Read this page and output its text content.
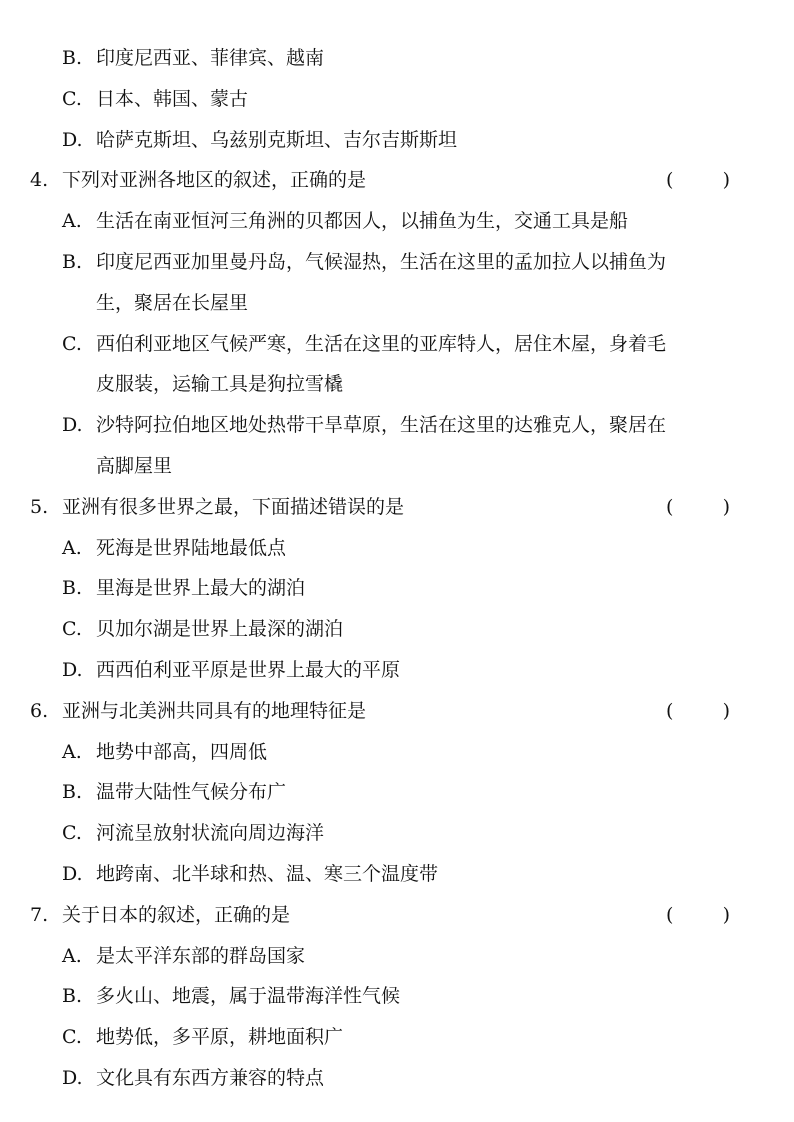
B. 印度尼西亚、菲律宾、越南
C. 日本、韩国、蒙古
D. 哈萨克斯坦、乌兹别克斯坦、吉尔吉斯斯坦
4. 下列对亚洲各地区的叙述，正确的是	(	)
A. 生活在南亚恒河三角洲的贝都因人，以捕鱼为生，交通工具是船
B. 印度尼西亚加里曼丹岛，气候湿热，生活在这里的孟加拉人以捕鱼为
生，聚居在长屋里
C. 西伯利亚地区气候严寒，生活在这里的亚库特人，居住木屋，身着毛
皮服装，运输工具是狗拉雪橇
D. 沙特阿拉伯地区地处热带干旱草原，生活在这里的达雅克人，聚居在
高脚屋里
5. 亚洲有很多世界之最，下面描述错误的是	(	)
A. 死海是世界陆地最低点
B. 里海是世界上最大的湖泊
C. 贝加尔湖是世界上最深的湖泊
D. 西西伯利亚平原是世界上最大的平原
6. 亚洲与北美洲共同具有的地理特征是	(	)
A. 地势中部高，四周低
B. 温带大陆性气候分布广
C. 河流呈放射状流向周边海洋
D. 地跨南、北半球和热、温、寒三个温度带
7. 关于日本的叙述，正确的是	(	)
A. 是太平洋东部的群岛国家
B. 多火山、地震，属于温带海洋性气候
C. 地势低，多平原，耕地面积广
D. 文化具有东西方兼容的特点
